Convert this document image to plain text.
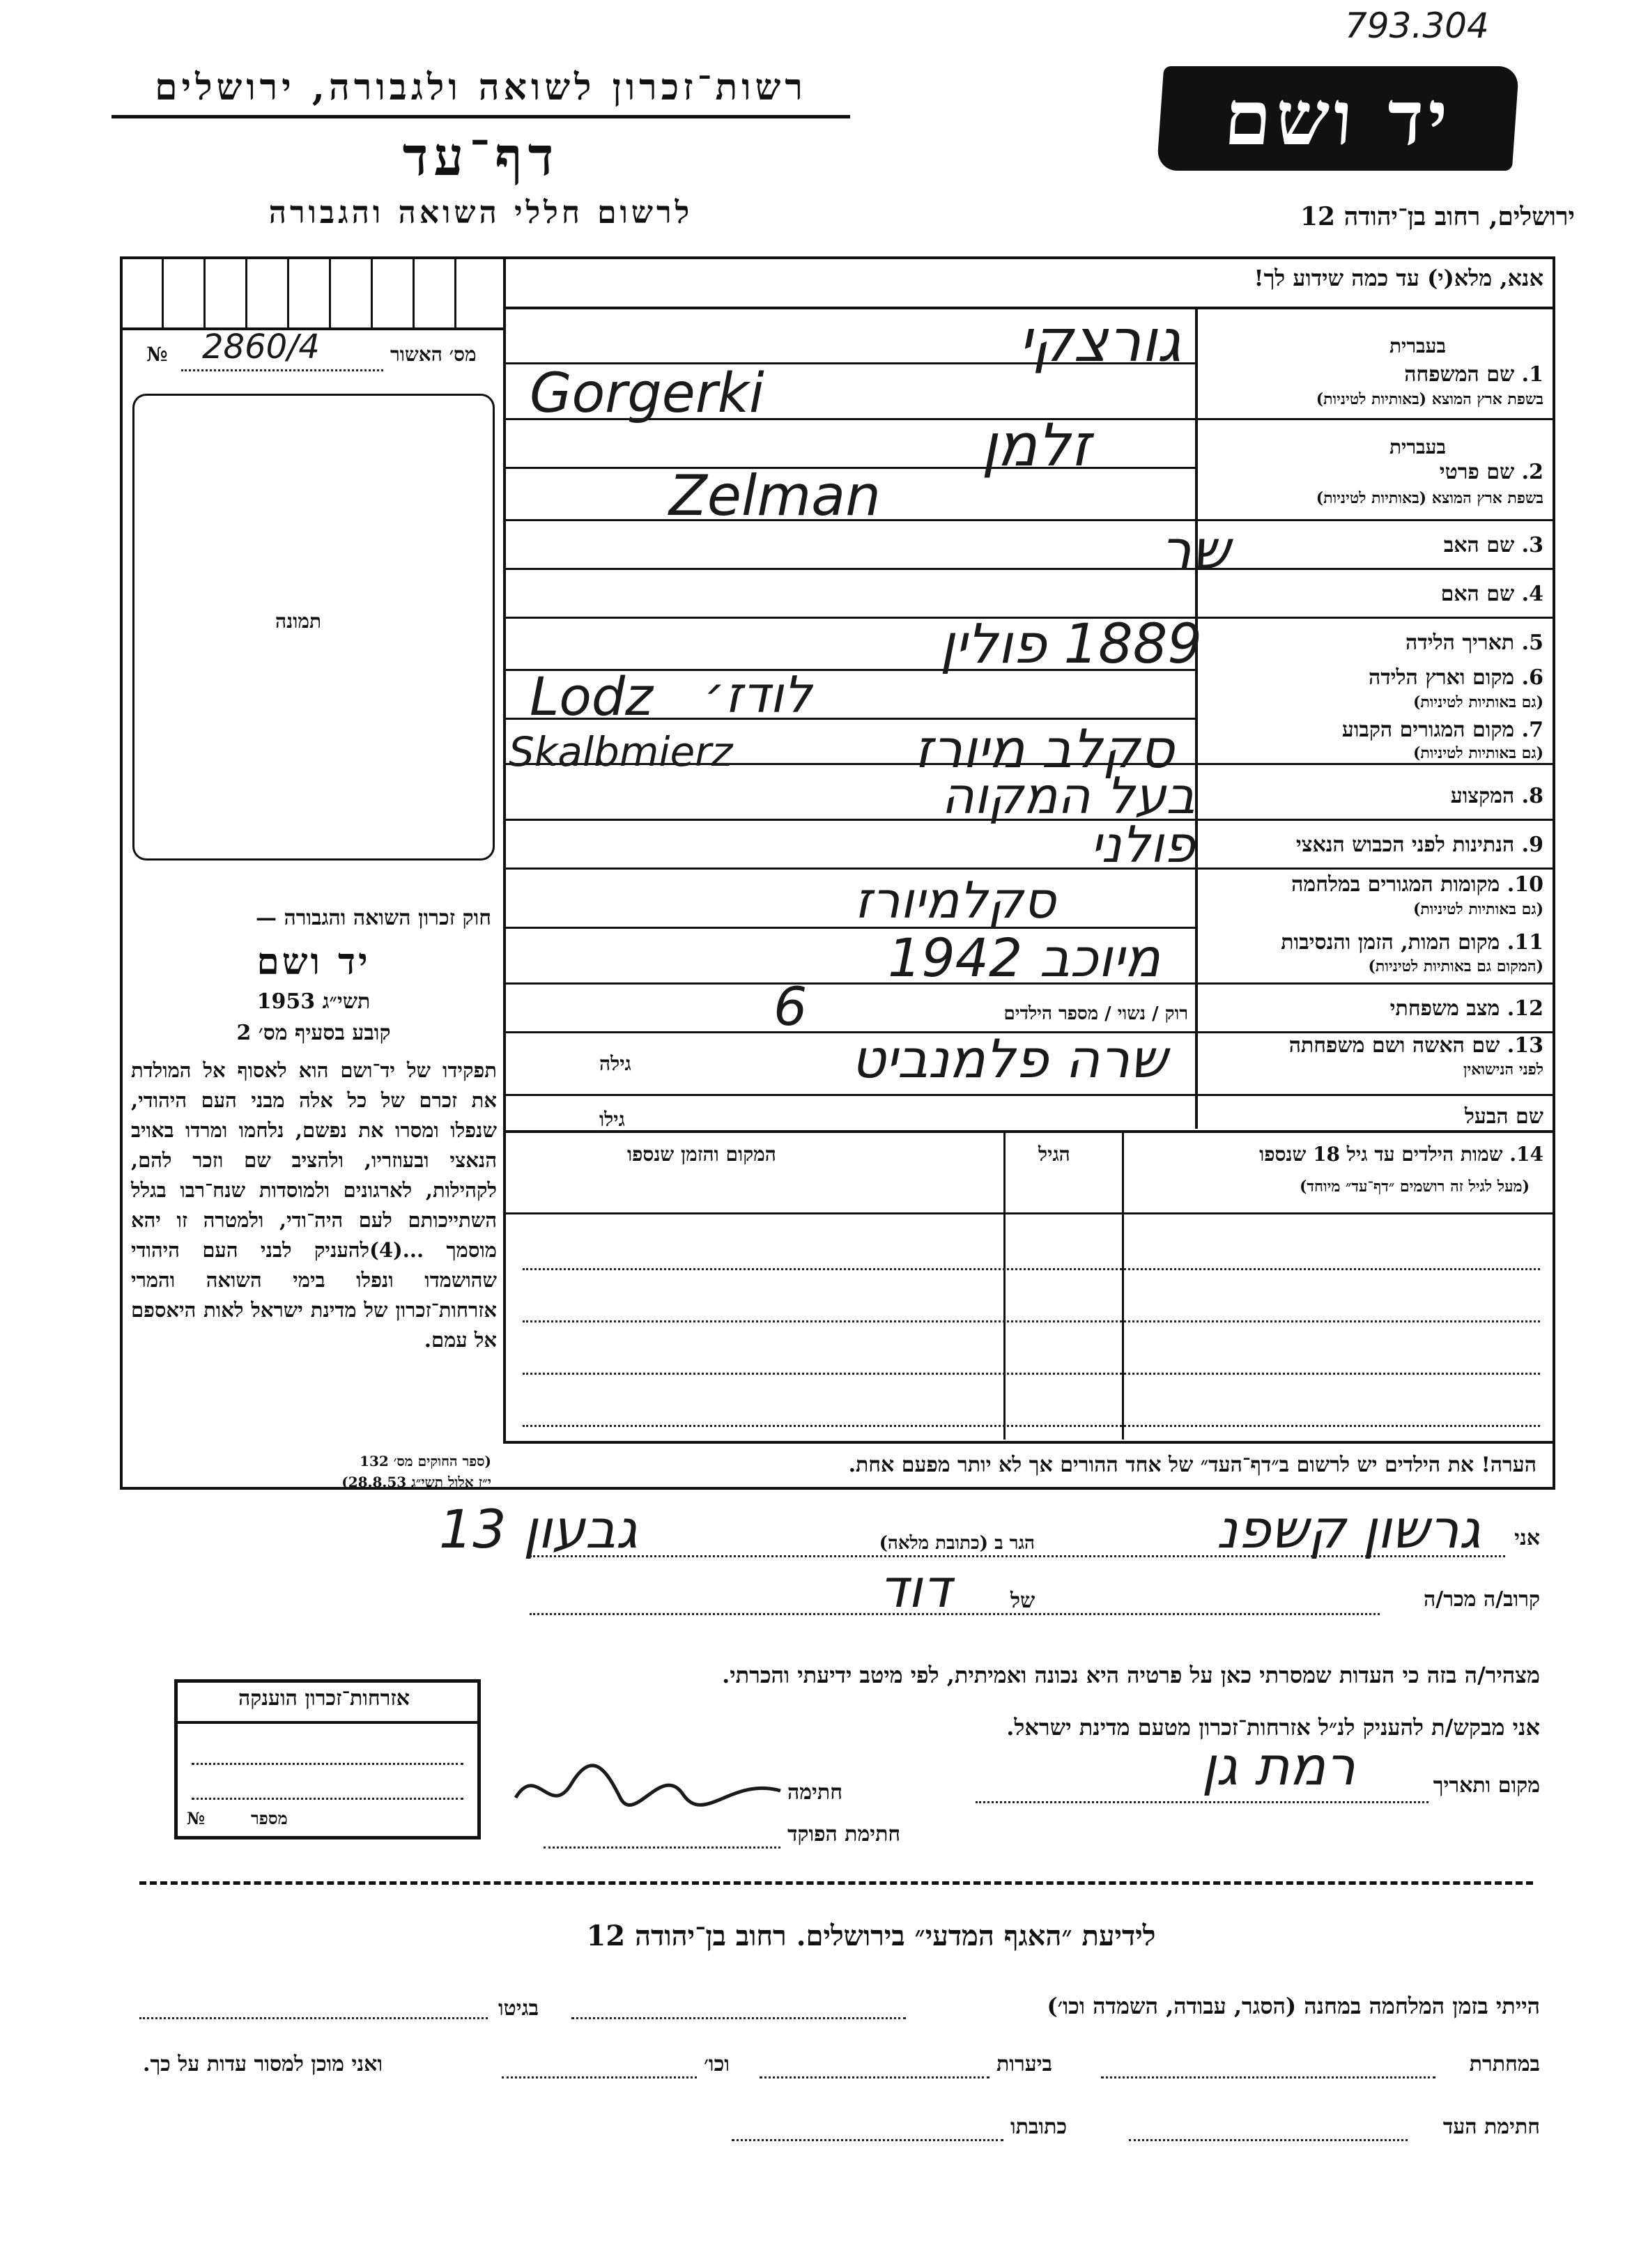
793.304
יד ושם
רשות־זכרון לשואה ולגבורה, ירושלים
דף־עד
לרשום חללי השואה והגבורה	ירושלים, רחוב בן־יהודה 12
אנא, מלא(י) עד כמה שידוע לך!
מס׳ האשור
№ 2860/4
תמונה
בעברית
1. שם המשפחה
בשפת ארץ המוצא (באותיות לטיניות)
גורצקי
Gorgerki
בעברית
2. שם פרטי
בשפת ארץ המוצא (באותיות לטיניות)
זלמן
Zelman
3. שם האב
שר
4. שם האם
5. תאריך הלידה
1889 פולין
6. מקום וארץ הלידה
(גם באותיות לטיניות)
לודז׳
Lodz
7. מקום המגורים הקבוע
(גם באותיות לטיניות)
סקלב מיורז
Skalbmierz
8. המקצוע
בעל המקוה
9. הנתינות לפני הכבוש הנאצי
פולני
10. מקומות המגורים במלחמה
(גם באותיות לטיניות)
סקלמיורז
11. מקום המות, הזמן והנסיבות
(המקום גם באותיות לטיניות)
מיוכב 1942
12. מצב משפחתי
רוק / נשוי / מספר הילדים
6
13. שם האשה ושם משפחתה
לפני הנישואין
שרה פלמנביט
גילה
שם הבעל
גילו
14. שמות הילדים עד גיל 18 שנספו
(מעל לגיל זה רושמים ״דף־עד״ מיוחד)
הגיל
המקום והזמן שנספו
הערה! את הילדים יש לרשום ב״דף־העד״ של אחד ההורים אך לא יותר מפעם אחת.
חוק זכרון השואה והגבורה —
יד ושם
תשי״ג 1953
קובע בסעיף מס׳ 2
תפקידו של יד־ושם הוא לאסוף אל המולדת את זכרם של כל אלה מבני העם היהודי, שנפלו ומסרו את נפשם, נלחמו ומרדו באויב הנאצי ובעוזריו, ולהציב שם וזכר להם, לקהילות, לארגונים ולמוסדות שנח־רבו בגלל השתייכותם לעם היה־ודי, ולמטרה זו יהא מוסמך ...(4)להעניק לבני העם היהודי שהושמדו ונפלו בימי השואה והמרי אזרחות־זכרון של מדינת ישראל לאות היאספם אל עמם.
(ספר החוקים מס׳ 132
י״ז אלול תשי״ג 28.8.53)
אני
גרשון קשפנ
הגר ב (כתובת מלאה)
גבעון 13
קרוב/ה מכר/ה
של
דוד
מצהיר/ה בזה כי העדות שמסרתי כאן על פרטיה היא נכונה ואמיתית, לפי מיטב ידיעתי והכרתי.
אני מבקש/ת להעניק לנ״ל אזרחות־זכרון מטעם מדינת ישראל.
מקום ותאריך
רמת גן
חתימה
חתימת הפוקד
אזרחות־זכרון הוענקה
מספר
№
לידיעת ״האגף המדעי״ בירושלים. רחוב בן־יהודה 12
הייתי בזמן המלחמה במחנה (הסגר, עבודה, השמדה וכו׳)
בגיטו
במחתרת
ביערות
וכו׳
ואני מוכן למסור עדות על כך.
חתימת העד
כתובתו
